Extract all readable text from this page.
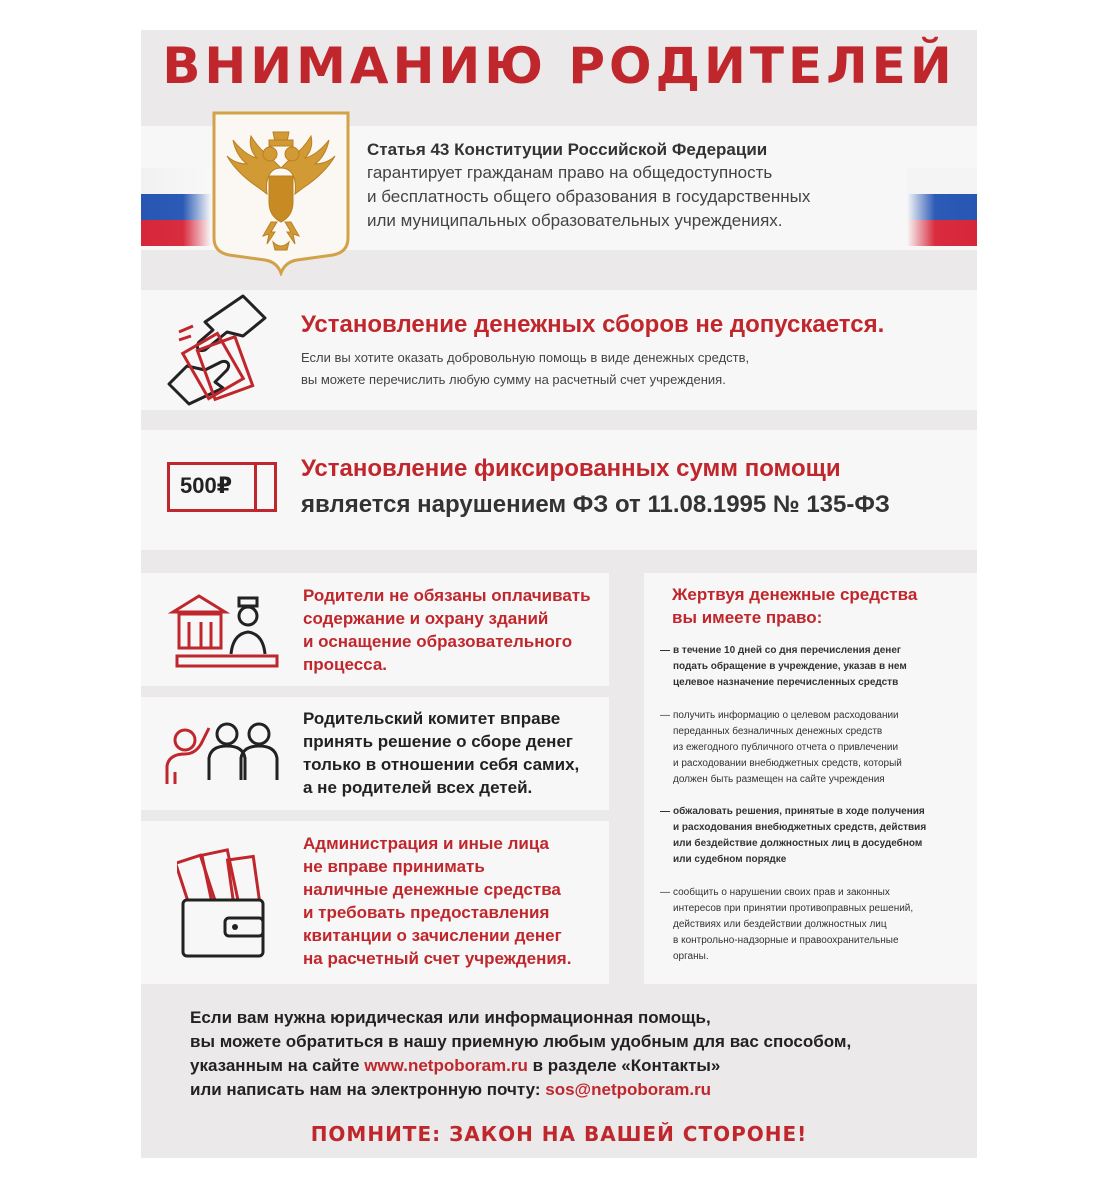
ВНИМАНИЮ РОДИТЕЛЕЙ
Статья 43 Конституции Российской Федерации
гарантирует гражданам право на общедоступность
и бесплатность общего образования в государственных
или муниципальных образовательных учреждениях.
Установление денежных сборов не допускается.
Если вы хотите оказать добровольную помощь в виде денежных средств,
вы можете перечислить любую сумму на расчетный счет учреждения.
500₽
Установление фиксированных сумм помощи
является нарушением ФЗ от 11.08.1995 № 135-ФЗ
Родители не обязаны оплачивать
содержание и охрану зданий
и оснащение образовательного
процесса.
Родительский комитет вправе
принять решение о сборе денег
только в отношении себя самих,
а не родителей всех детей.
Администрация и иные лица
не вправе принимать
наличные денежные средства
и требовать предоставления
квитанции о зачислении денег
на расчетный счет учреждения.
Жертвуя денежные средства
вы имеете право:
— в течение 10 дней со дня перечисления денег
подать обращение в учреждение, указав в нем
целевое назначение перечисленных средств
— получить информацию о целевом расходовании
переданных безналичных денежных средств
из ежегодного публичного отчета о привлечении
и расходовании внебюджетных средств, который
должен быть размещен на сайте учреждения
— обжаловать решения, принятые в ходе получения
и расходования внебюджетных средств, действия
или бездействие должностных лиц в досудебном
или судебном порядке
— сообщить о нарушении своих прав и законных
интересов при принятии противоправных решений,
действиях или бездействии должностных лиц
в контрольно-надзорные и правоохранительные
органы.
Если вам нужна юридическая или информационная помощь,
вы можете обратиться в нашу приемную любым удобным для вас способом,
указанным на сайте www.netpoboram.ru в разделе «Контакты»
или написать нам на электронную почту: sos@netpoboram.ru
ПОМНИТЕ: ЗАКОН НА ВАШЕЙ СТОРОНЕ!
